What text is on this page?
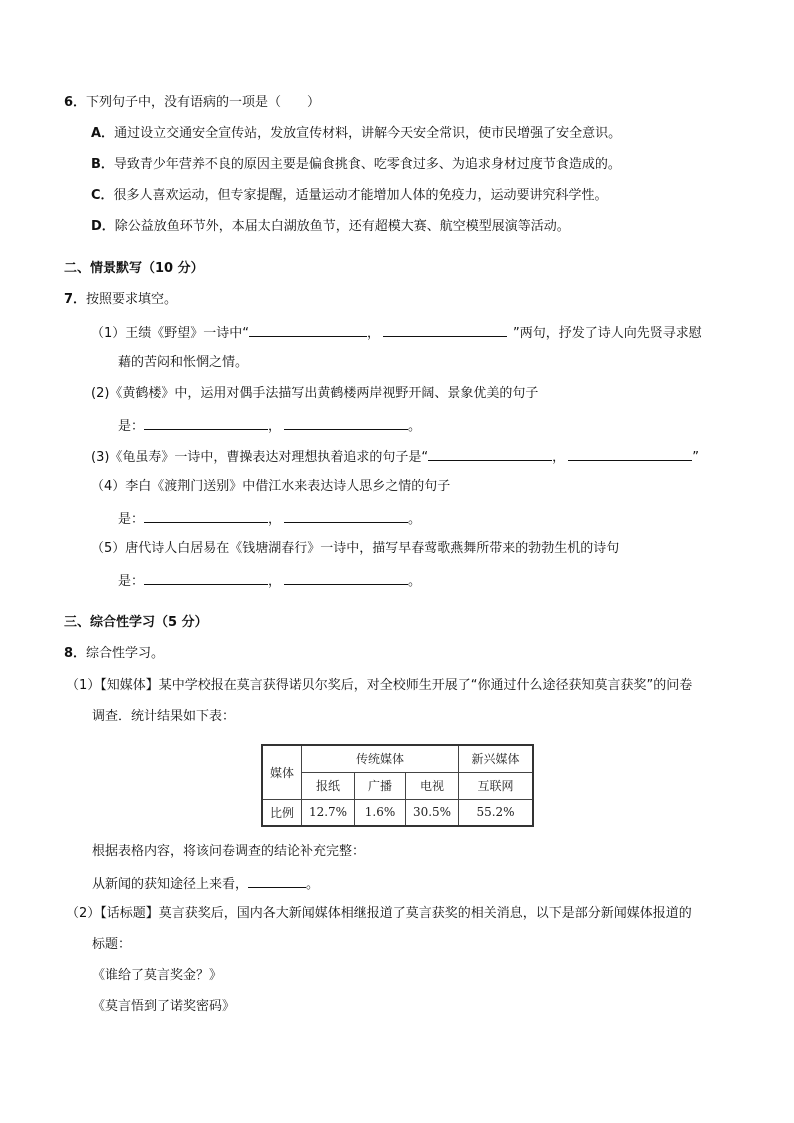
6．下列句子中，没有语病的一项是（　　）
A．通过设立交通安全宣传站，发放宣传材料，讲解今天安全常识，使市民增强了安全意识。
B．导致青少年营养不良的原因主要是偏食挑食、吃零食过多、为追求身材过度节食造成的。
C．很多人喜欢运动，但专家提醒，适量运动才能增加人体的免疫力，运动要讲究科学性。
D．除公益放鱼环节外，本届太白湖放鱼节，还有超模大赛、航空模型展演等活动。
二、情景默写（10 分）
7．按照要求填空。
（1）王绩《野望》一诗中“	，	”两句，抒发了诗人向先贤寻求慰
藉的苦闷和怅惘之情。
(2)《黄鹤楼》中，运用对偶手法描写出黄鹤楼两岸视野开阔、景象优美的句子
是：	，	。
(3)《龟虽寿》一诗中，曹操表达对理想执着追求的句子是“	，	”
（4）李白《渡荆门送别》中借江水来表达诗人思乡之情的句子
是：	，	。
（5）唐代诗人白居易在《钱塘湖春行》一诗中，描写早春莺歌燕舞所带来的勃勃生机的诗句
是：	，	。
三、综合性学习（5 分）
8．综合性学习。
（1）【知媒体】某中学校报在莫言获得诺贝尔奖后，对全校师生开展了“你通过什么途径获知莫言获奖”的问卷
调查．统计结果如下表：
媒体	传统媒体			新兴媒体
	报纸	广播	电视	互联网
比例	12.7%	1.6%	30.5%	55.2%
根据表格内容，将该问卷调查的结论补充完整：
从新闻的获知途径上来看，	。
（2）【话标题】莫言获奖后，国内各大新闻媒体相继报道了莫言获奖的相关消息，以下是部分新闻媒体报道的
标题：
《谁给了莫言奖金？》
《莫言悟到了诺奖密码》
